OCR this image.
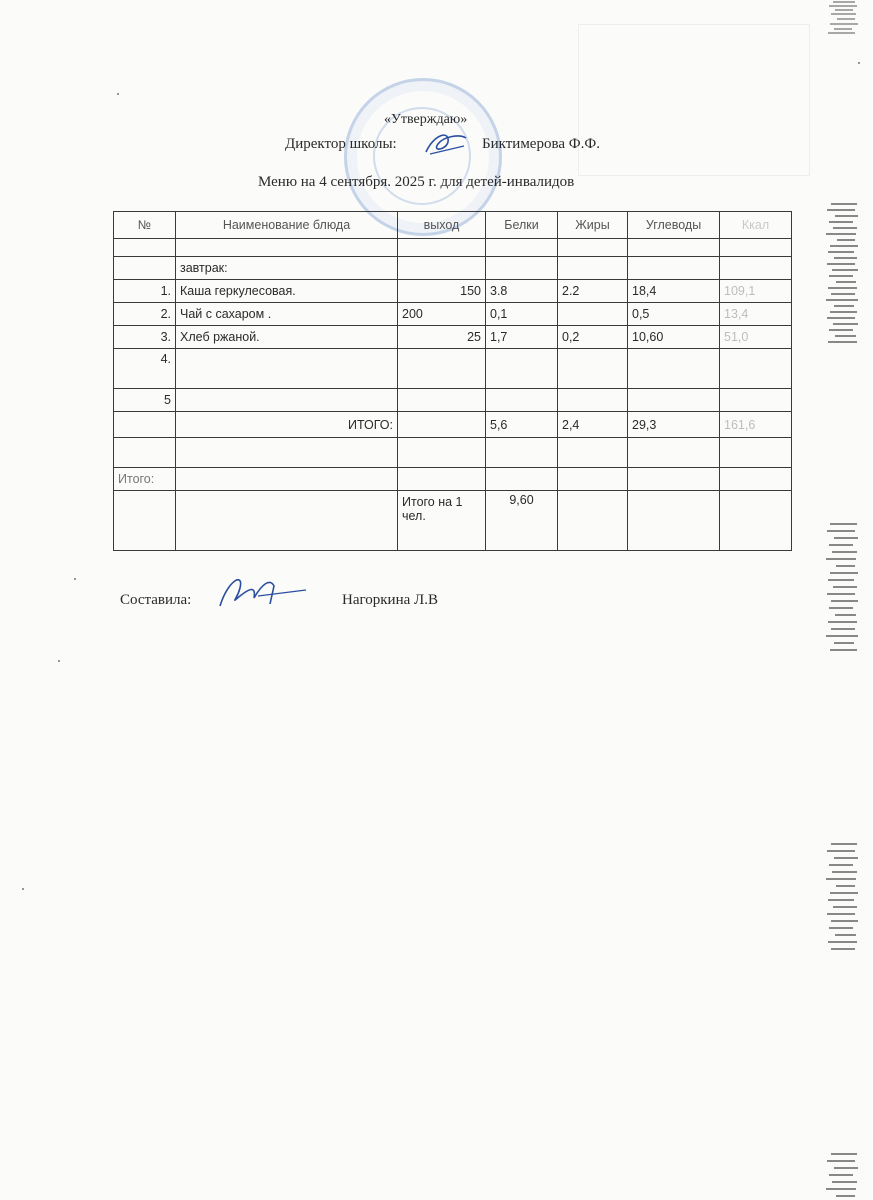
«Утверждаю»
Директор школы:	Биктимерова Ф.Ф.
Меню на 4 сентября. 2025 г. для детей-инвалидов
№	Наименование блюда	выход	Белки	Жиры	Углеводы	Ккал

	завтрак:					
1.	Каша геркулесовая.	150	3.8	2.2	18,4	109,1
2.	Чай с сахаром .	200	0,1		0,5	13,4
3.	Хлеб ржаной.	25	1,7	0,2	10,60	51,0
4.						
5						
	ИТОГО:		5,6	2,4	29,3	161,6

Итого:						
		Итого на 1 чел.	9,60			
Составила:	Нагоркина Л.В
